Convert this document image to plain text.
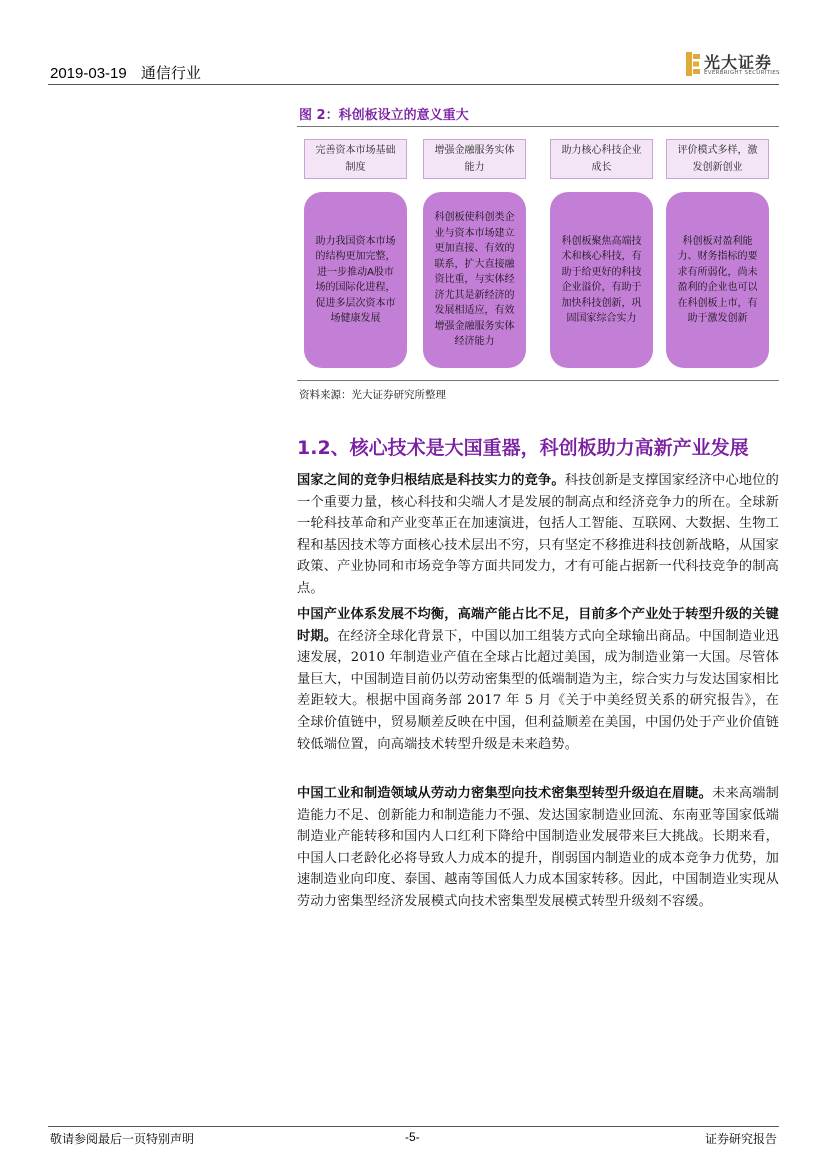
2019-03-19 通信行业
光大证券
EVERBRIGHT SECURITIES
图 2：科创板设立的意义重大
完善资本市场基础制度
增强金融服务实体能力
助力核心科技企业成长
评价模式多样，激发创新创业
助力我国资本市场的结构更加完整，进一步推动A股市场的国际化进程，促进多层次资本市场健康发展
科创板使科创类企业与资本市场建立更加直接、有效的联系，扩大直接融资比重，与实体经济尤其是新经济的发展相适应，有效增强金融服务实体经济能力
科创板聚焦高端技术和核心科技，有助于给更好的科技企业溢价，有助于加快科技创新，巩固国家综合实力
科创板对盈利能力、财务指标的要求有所弱化，尚未盈利的企业也可以在科创板上市，有助于激发创新
资料来源：光大证券研究所整理
1.2、核心技术是大国重器，科创板助力高新产业发展

国家之间的竞争归根结底是科技实力的竞争。科技创新是支撑国家经济中心地位的一个重要力量，核心科技和尖端人才是发展的制高点和经济竞争力的所在。全球新一轮科技革命和产业变革正在加速演进，包括人工智能、互联网、大数据、生物工程和基因技术等方面核心技术层出不穷，只有坚定不移推进科技创新战略，从国家政策、产业协同和市场竞争等方面共同发力，才有可能占据新一代科技竞争的制高点。

中国产业体系发展不均衡，高端产能占比不足，目前多个产业处于转型升级的关键时期。在经济全球化背景下，中国以加工组装方式向全球输出商品。中国制造业迅速发展，2010 年制造业产值在全球占比超过美国，成为制造业第一大国。尽管体量巨大，中国制造目前仍以劳动密集型的低端制造为主，综合实力与发达国家相比差距较大。根据中国商务部 2017 年 5 月《关于中美经贸关系的研究报告》，在全球价值链中，贸易顺差反映在中国，但利益顺差在美国，中国仍处于产业价值链较低端位置，向高端技术转型升级是未来趋势。

中国工业和制造领域从劳动力密集型向技术密集型转型升级迫在眉睫。未来高端制造能力不足、创新能力和制造能力不强、发达国家制造业回流、东南亚等国家低端制造业产能转移和国内人口红利下降给中国制造业发展带来巨大挑战。长期来看，中国人口老龄化必将导致人力成本的提升，削弱国内制造业的成本竞争力优势，加速制造业向印度、泰国、越南等国低人力成本国家转移。因此，中国制造业实现从劳动力密集型经济发展模式向技术密集型发展模式转型升级刻不容缓。

敬请参阅最后一页特别声明	-5-	证券研究报告
